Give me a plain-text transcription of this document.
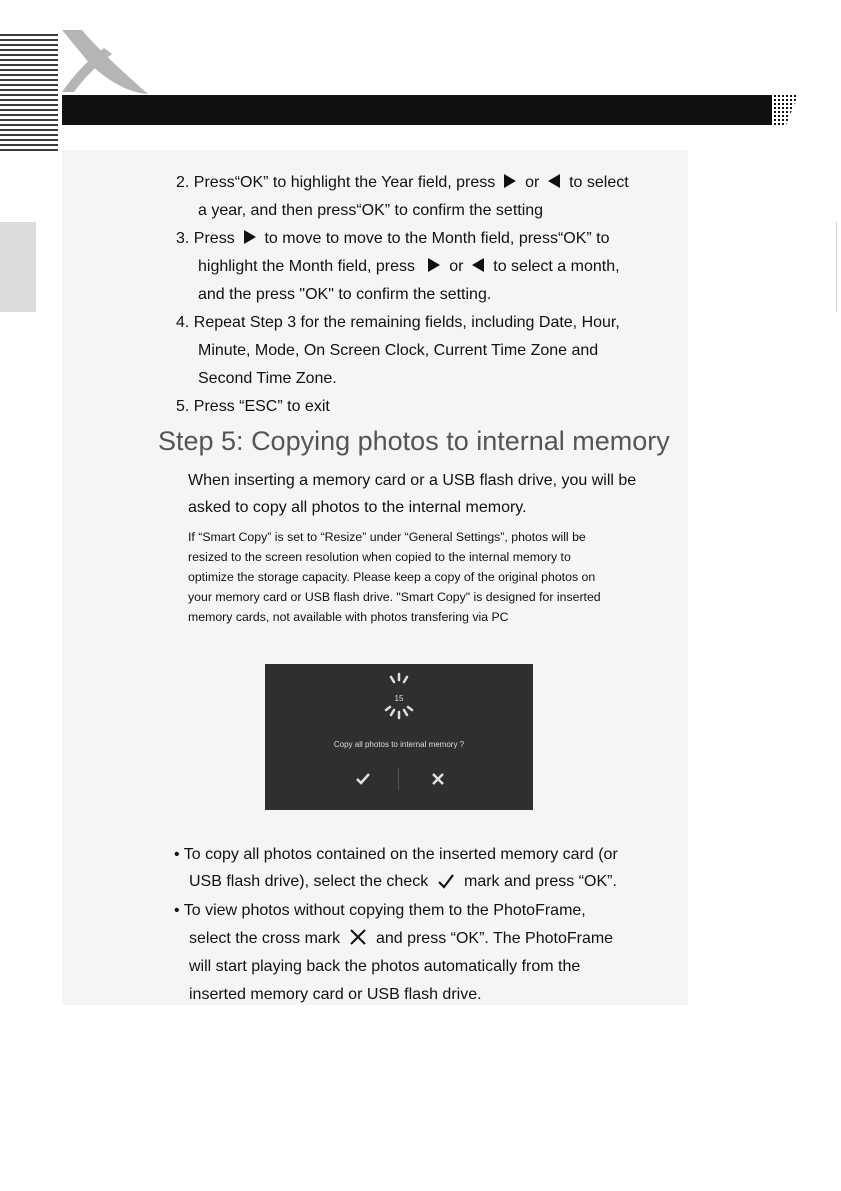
2. Press“OK” to highlight the Year field, press or to select
a year, and then press“OK” to confirm the setting
3. Press to move to move to the Month field, press“OK” to
highlight the Month field, press or to select a month,
and the press "OK" to confirm the setting.
4. Repeat Step 3 for the remaining fields, including Date, Hour,
Minute, Mode, On Screen Clock, Current Time Zone and
Second Time Zone.
5. Press “ESC” to exit
Step 5: Copying photos to internal memory
When inserting a memory card or a USB flash drive, you will be
asked to copy all photos to the internal memory.
If “Smart Copy” is set to “Resize” under “General Settings”, photos will be
resized to the screen resolution when copied to the internal memory to
optimize the storage capacity. Please keep a copy of the original photos on
your memory card or USB flash drive. "Smart Copy" is designed for inserted
memory cards, not available with photos transfering via PC
15
Copy all photos to internal memory ?
• To copy all photos contained on the inserted memory card (or
USB flash drive), select the check mark and press “OK”.
• To view photos without copying them to the PhotoFrame,
select the cross mark and press “OK”. The PhotoFrame
will start playing back the photos automatically from the
inserted memory card or USB flash drive.
